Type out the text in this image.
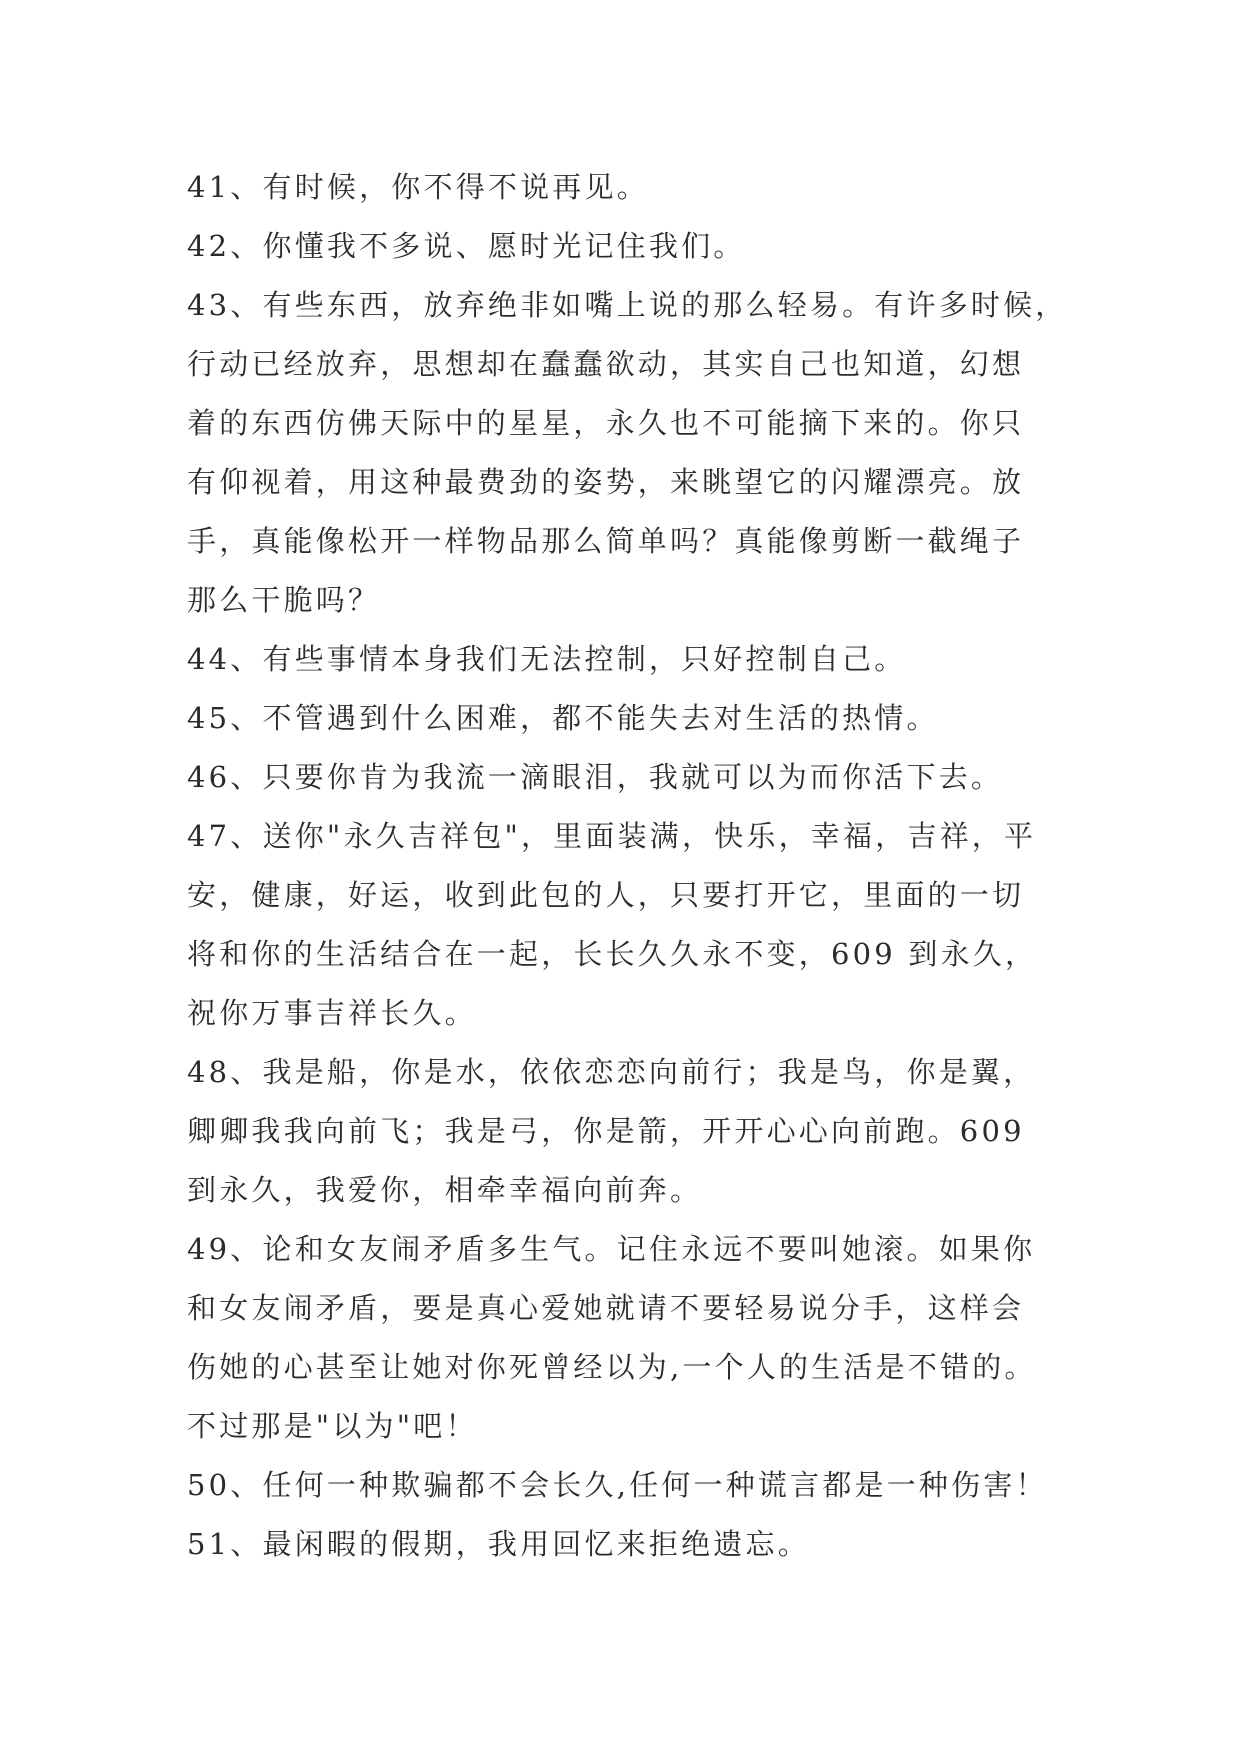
41、有时候，你不得不说再见。
42、你懂我不多说、愿时光记住我们。
43、有些东西，放弃绝非如嘴上说的那么轻易。有许多时候，
行动已经放弃，思想却在蠢蠢欲动，其实自己也知道，幻想
着的东西仿佛天际中的星星，永久也不可能摘下来的。你只
有仰视着，用这种最费劲的姿势，来眺望它的闪耀漂亮。放
手，真能像松开一样物品那么简单吗？真能像剪断一截绳子
那么干脆吗？
44、有些事情本身我们无法控制，只好控制自己。
45、不管遇到什么困难，都不能失去对生活的热情。
46、只要你肯为我流一滴眼泪，我就可以为而你活下去。
47、送你"永久吉祥包"，里面装满，快乐，幸福，吉祥，平
安，健康，好运，收到此包的人，只要打开它，里面的一切
将和你的生活结合在一起，长长久久永不变，609 到永久，
祝你万事吉祥长久。
48、我是船，你是水，依依恋恋向前行；我是鸟，你是翼，
卿卿我我向前飞；我是弓，你是箭，开开心心向前跑。609
到永久，我爱你，相牵幸福向前奔。
49、论和女友闹矛盾多生气。记住永远不要叫她滚。如果你
和女友闹矛盾，要是真心爱她就请不要轻易说分手，这样会
伤她的心甚至让她对你死曾经以为,一个人的生活是不错的。
不过那是"以为"吧！
50、任何一种欺骗都不会长久,任何一种谎言都是一种伤害！
51、最闲暇的假期，我用回忆来拒绝遗忘。
